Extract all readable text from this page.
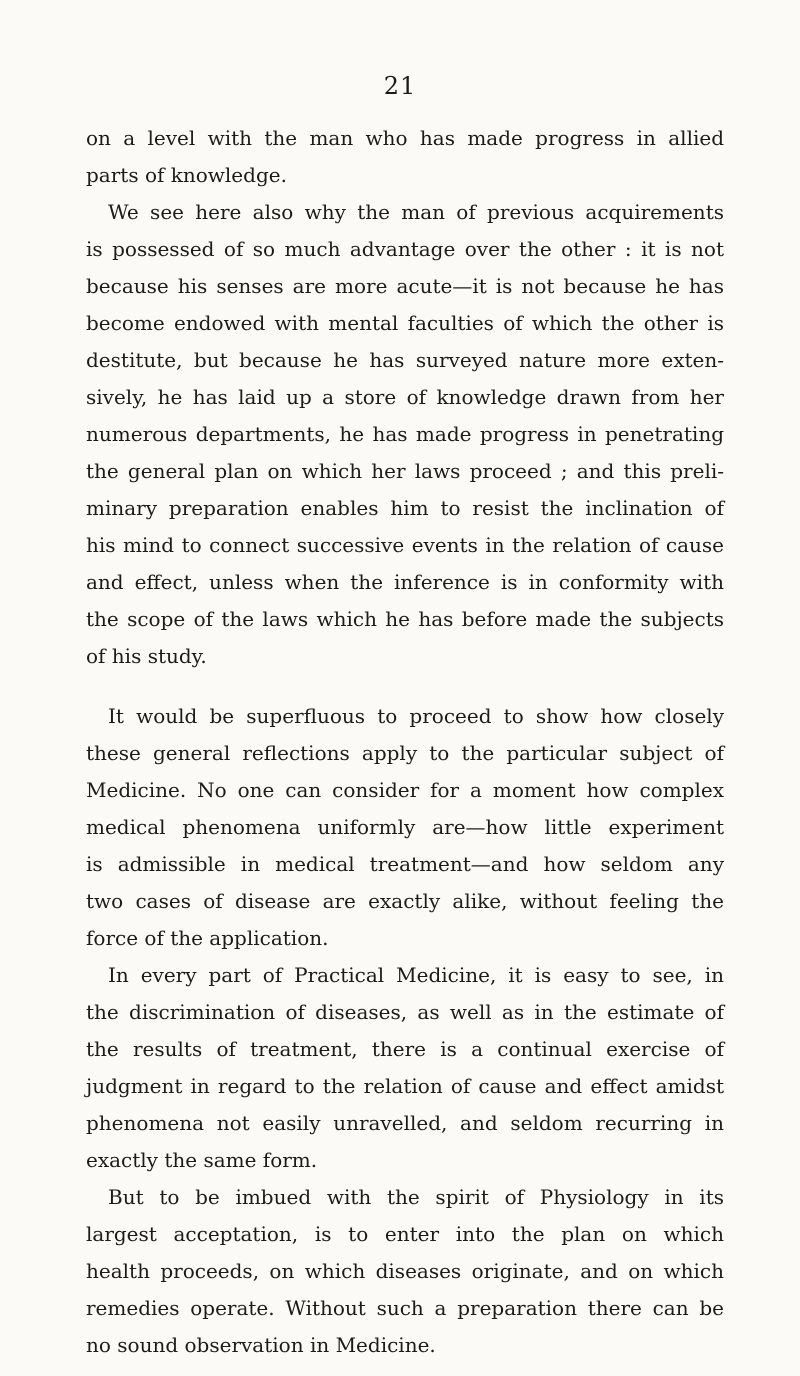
21
on a level with the man who has made progress in allied
parts of knowledge.
We see here also why the man of previous acquirements
is possessed of so much advantage over the other : it is not
because his senses are more acute—it is not because he has
become endowed with mental faculties of which the other is
destitute, but because he has surveyed nature more exten-
sively, he has laid up a store of knowledge drawn from her
numerous departments, he has made progress in penetrating
the general plan on which her laws proceed ; and this preli-
minary preparation enables him to resist the inclination of
his mind to connect successive events in the relation of cause
and effect, unless when the inference is in conformity with
the scope of the laws which he has before made the subjects
of his study.
It would be superfluous to proceed to show how closely
these general reflections apply to the particular subject of
Medicine. No one can consider for a moment how complex
medical phenomena uniformly are—how little experiment
is admissible in medical treatment—and how seldom any
two cases of disease are exactly alike, without feeling the
force of the application.
In every part of Practical Medicine, it is easy to see, in
the discrimination of diseases, as well as in the estimate of
the results of treatment, there is a continual exercise of
judgment in regard to the relation of cause and effect amidst
phenomena not easily unravelled, and seldom recurring in
exactly the same form.
But to be imbued with the spirit of Physiology in its
largest acceptation, is to enter into the plan on which
health proceeds, on which diseases originate, and on which
remedies operate. Without such a preparation there can be
no sound observation in Medicine.
